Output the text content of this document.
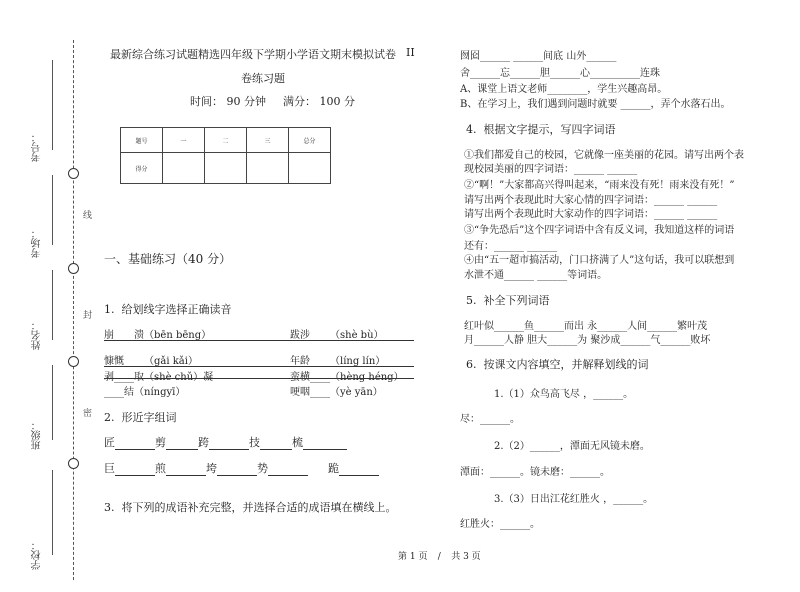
考号：
考场：
姓名：
班级：
学校：
线
封
密
最新综合练习试题精选四年级下学期小学语文期末模拟试卷 II
卷练习题
时间： 90 分钟 满分： 100 分
题号	一	二	三	总分
得分				
一、基础练习（40 分）
1. 给划线字选择正确读音
崩____溃（bēn bēng）	跋涉____（shè bù）
慷慨____（gǎi kǎi）	年龄____（líng lín）
剥____取（shè chǔ）凝	蛮横____（hèng héng）
____结（níngyī）	哽咽____（yè yān）
2. 形近字组词
匠	剪	跨	技	梳
巨	煎	垮	势	跪
3. 将下列的成语补充完整，并选择合适的成语填在横线上。
囫囵______ ______间底 山外______
舍______忘______胆______心__________连珠
A、课堂上语文老师________，学生兴趣高昂。
B、在学习上，我们遇到问题时就要 ______，弄个水落石出。
4. 根据文字提示，写四字词语
①我们都爱自己的校园，它就像一座美丽的花园。请写出两个表
现校园美丽的四字词语：______ ______
②“啊！”大家都高兴得叫起来，“雨来没有死！雨来没有死！”
请写出两个表现此时大家心情的四字词语：______ ______
请写出两个表现此时大家动作的四字词语：______ ______
③“争先恐后”这个四字词语中含有反义词，我知道这样的词语
还有：______ ______
④由“五一超市搞活动，门口挤满了人”这句话，我可以联想到
水泄不通______ ______等词语。
5. 补全下列词语
红叶似______鱼______而出 永______人间______繁叶茂
月______人静 胆大______为 聚沙成______气______败坏
6. 按课文内容填空，并解释划线的词
1.（1）众鸟高飞尽 ，______。
尽：______。
2.（2）______，潭面无风镜未磨。
潭面：______。镜未磨：______。
3.（3）日出江花红胜火 ，______。
红胜火：______。
第 1 页 / 共 3 页
